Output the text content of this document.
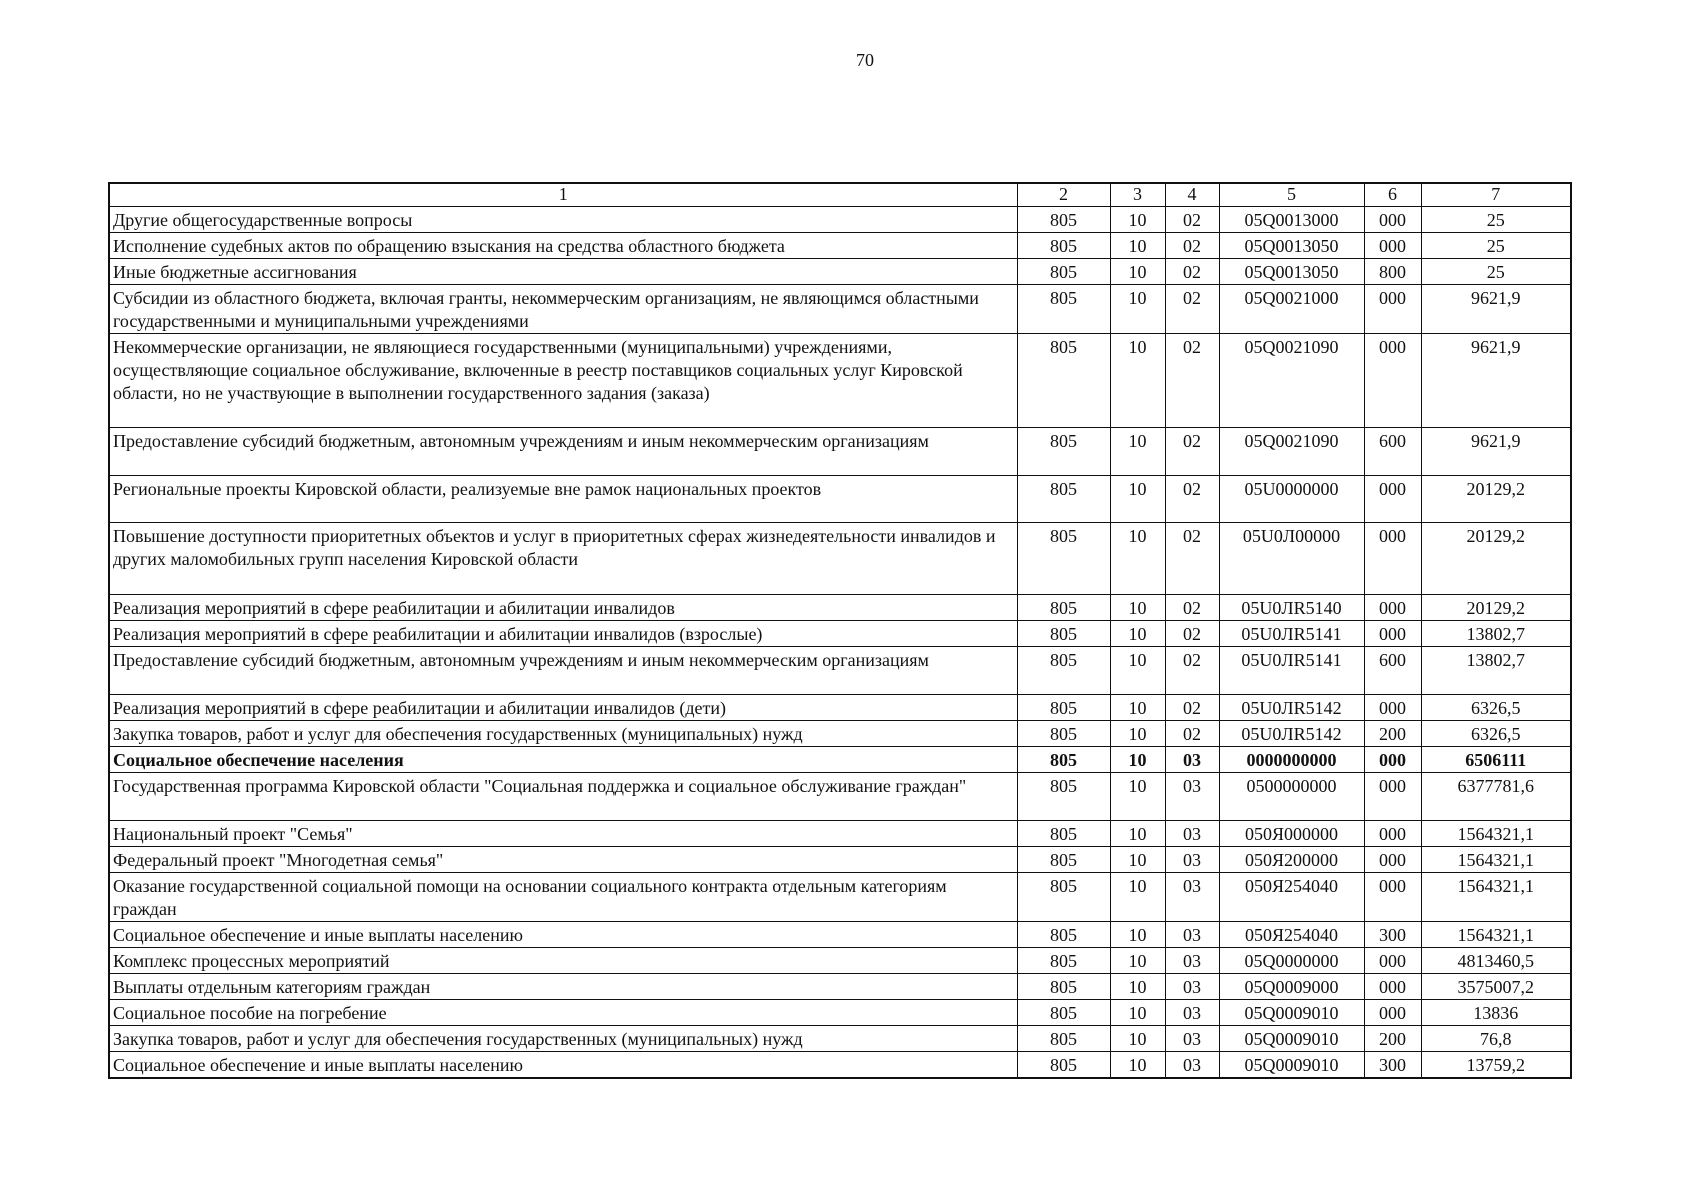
70
1	2	3	4	5	6	7
Другие общегосударственные вопросы	805	10	02	05Q0013000	000	25
Исполнение судебных актов по обращению взыскания на средства областного бюджета	805	10	02	05Q0013050	000	25
Иные бюджетные ассигнования	805	10	02	05Q0013050	800	25
Субсидии из областного бюджета, включая гранты, некоммерческим организациям, не являющимся областными государственными и муниципальными учреждениями	805	10	02	05Q0021000	000	9621,9
Некоммерческие организации, не являющиеся государственными (муниципальными) учреждениями, осуществляющие социальное обслуживание, включенные в реестр поставщиков социальных услуг Кировской области, но не участвующие в выполнении государственного задания (заказа)	805	10	02	05Q0021090	000	9621,9
Предоставление субсидий бюджетным, автономным учреждениям и иным некоммерческим организациям	805	10	02	05Q0021090	600	9621,9
Региональные проекты Кировской области, реализуемые вне рамок национальных проектов	805	10	02	05U0000000	000	20129,2
Повышение доступности приоритетных объектов и услуг в приоритетных сферах жизнедеятельности инвалидов и других маломобильных групп населения Кировской области	805	10	02	05U0Л00000	000	20129,2
Реализация мероприятий в сфере реабилитации и абилитации инвалидов	805	10	02	05U0ЛR5140	000	20129,2
Реализация мероприятий в сфере реабилитации и абилитации инвалидов (взрослые)	805	10	02	05U0ЛR5141	000	13802,7
Предоставление субсидий бюджетным, автономным учреждениям и иным некоммерческим организациям	805	10	02	05U0ЛR5141	600	13802,7
Реализация мероприятий в сфере реабилитации и абилитации инвалидов (дети)	805	10	02	05U0ЛR5142	000	6326,5
Закупка товаров, работ и услуг для обеспечения государственных (муниципальных) нужд	805	10	02	05U0ЛR5142	200	6326,5
Социальное обеспечение населения	805	10	03	0000000000	000	6506111
Государственная программа Кировской области "Социальная поддержка и социальное обслуживание граждан"	805	10	03	0500000000	000	6377781,6
Национальный проект "Семья"	805	10	03	050Я000000	000	1564321,1
Федеральный проект "Многодетная семья"	805	10	03	050Я200000	000	1564321,1
Оказание государственной социальной помощи на основании социального контракта отдельным категориям граждан	805	10	03	050Я254040	000	1564321,1
Социальное обеспечение и иные выплаты населению	805	10	03	050Я254040	300	1564321,1
Комплекс процессных мероприятий	805	10	03	05Q0000000	000	4813460,5
Выплаты отдельным категориям граждан	805	10	03	05Q0009000	000	3575007,2
Социальное пособие на погребение	805	10	03	05Q0009010	000	13836
Закупка товаров, работ и услуг для обеспечения государственных (муниципальных) нужд	805	10	03	05Q0009010	200	76,8
Социальное обеспечение и иные выплаты населению	805	10	03	05Q0009010	300	13759,2
